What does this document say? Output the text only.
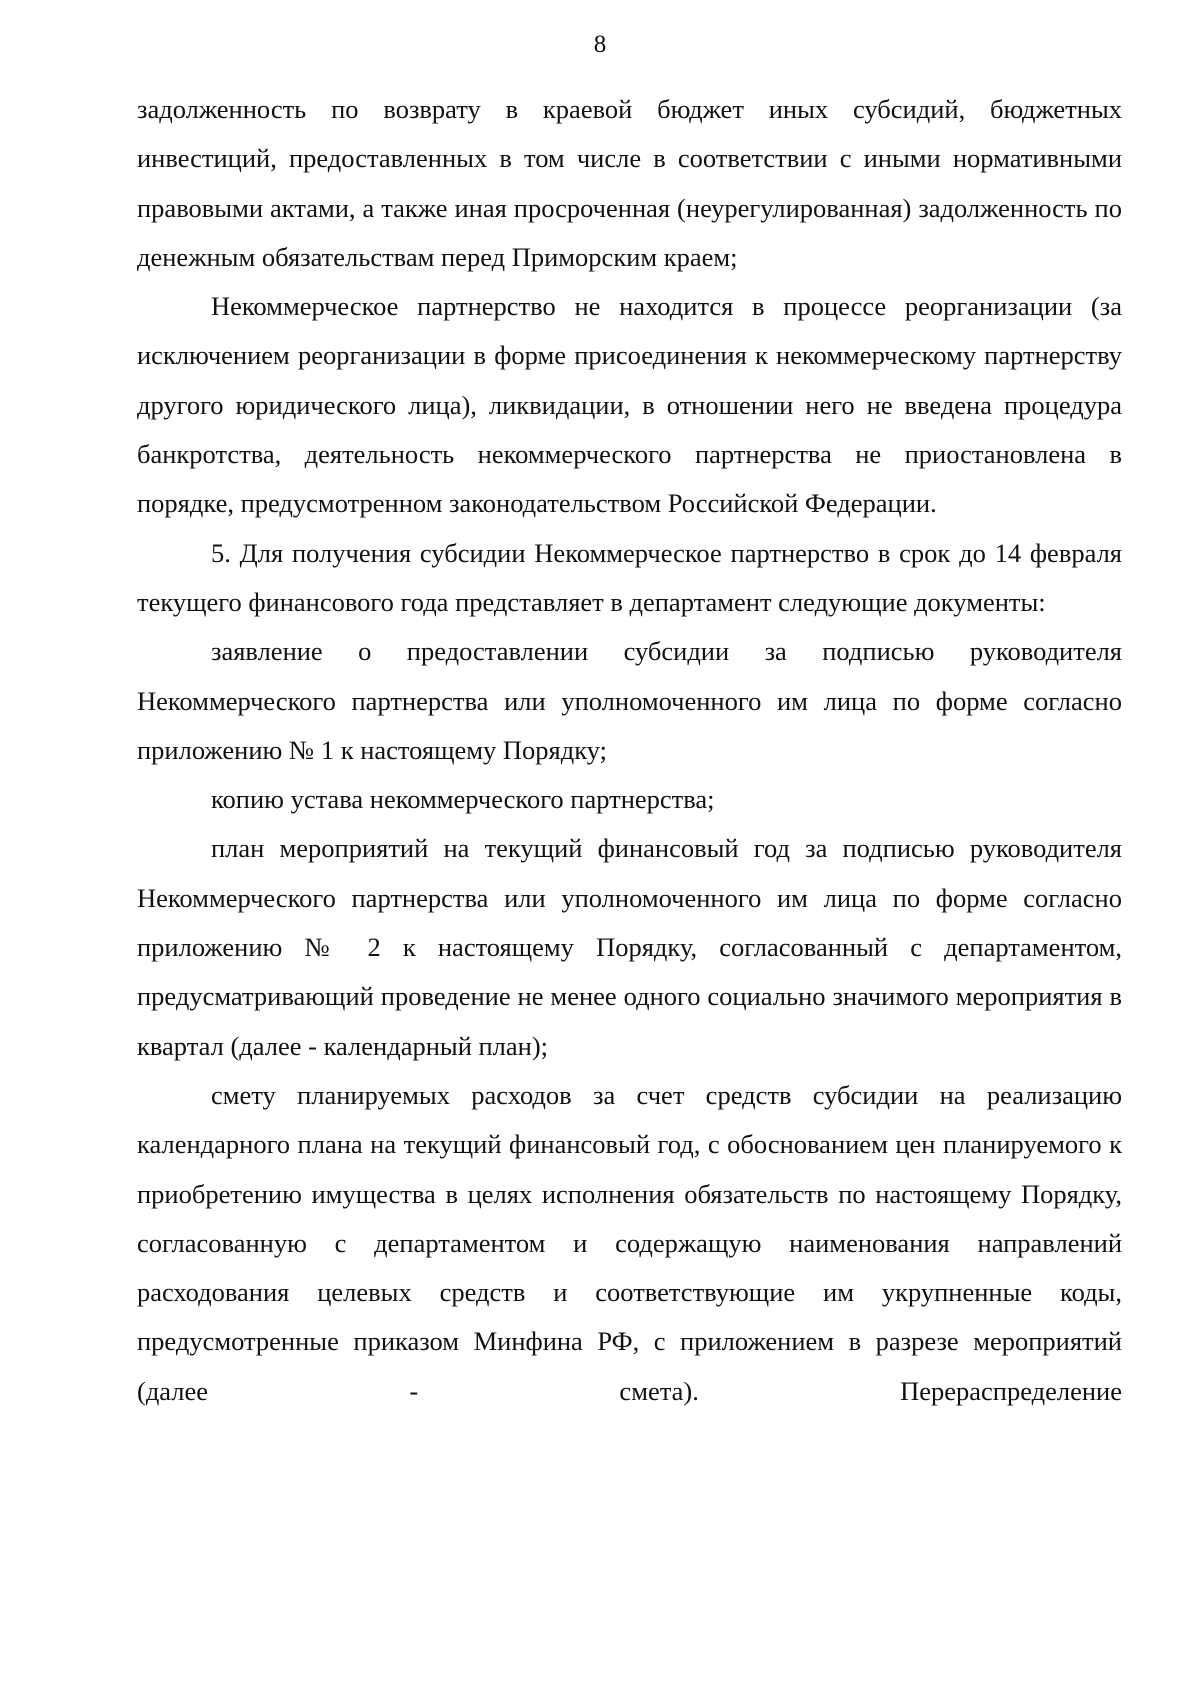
8

задолженность по возврату в краевой бюджет иных субсидий, бюджетных инвестиций, предоставленных в том числе в соответствии с иными нормативными правовыми актами, а также иная просроченная (неурегулированная) задолженность по денежным обязательствам перед Приморским краем;

Некоммерческое партнерство не находится в процессе реорганизации (за исключением реорганизации в форме присоединения к некоммерческому партнерству другого юридического лица), ликвидации, в отношении него не введена процедура банкротства, деятельность некоммерческого партнерства не приостановлена в порядке, предусмотренном законодательством Российской Федерации.

5. Для получения субсидии Некоммерческое партнерство в срок до 14 февраля текущего финансового года представляет в департамент следующие документы:

заявление о предоставлении субсидии за подписью руководителя Некоммерческого партнерства или уполномоченного им лица по форме согласно приложению № 1 к настоящему Порядку;

копию устава некоммерческого партнерства;

план мероприятий на текущий финансовый год за подписью руководителя Некоммерческого партнерства или уполномоченного им лица по форме согласно приложению № 2 к настоящему Порядку, согласованный с департаментом, предусматривающий проведение не менее одного социально значимого мероприятия в квартал (далее - календарный план);

смету планируемых расходов за счет средств субсидии на реализацию календарного плана на текущий финансовый год, с обоснованием цен планируемого к приобретению имущества в целях исполнения обязательств по настоящему Порядку, согласованную с департаментом и содержащую наименования направлений расходования целевых средств и соответствующие им укрупненные коды, предусмотренные приказом Минфина РФ, с приложением в разрезе мероприятий (далее - смета). Перераспределение
